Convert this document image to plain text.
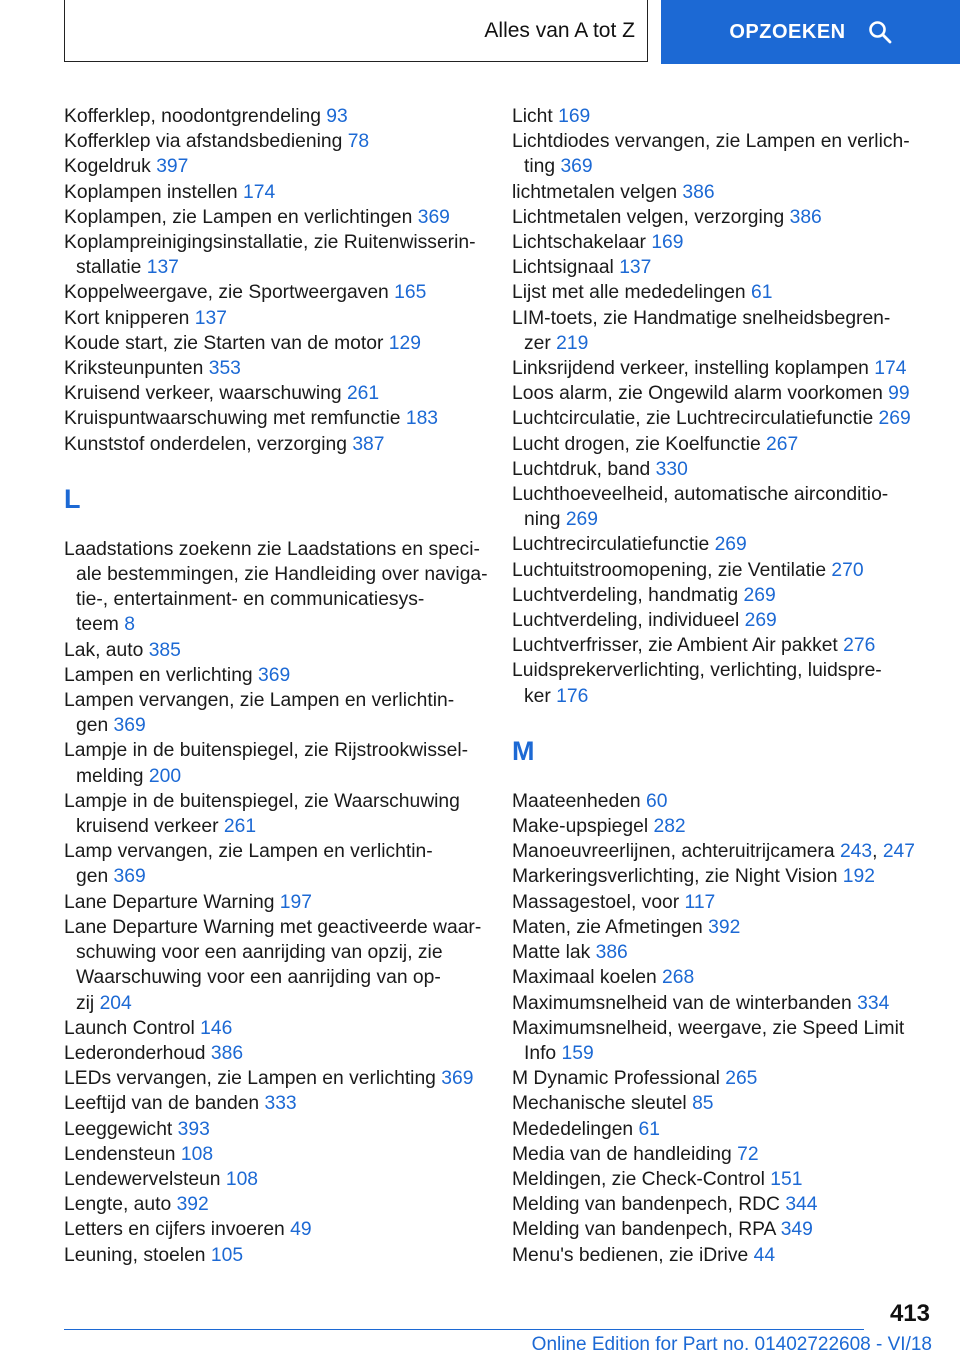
Alles van A tot Z	OPZOEKEN
Kofferklep, noodontgrendeling 93
Kofferklep via afstandsbediening 78
Kogeldruk 397
Koplampen instellen 174
Koplampen, zie Lampen en verlichtingen 369
Koplampreinigingsinstallatie, zie Ruitenwisserin-
stallatie 137
Koppelweergave, zie Sportweergaven 165
Kort knipperen 137
Koude start, zie Starten van de motor 129
Kriksteunpunten 353
Kruisend verkeer, waarschuwing 261
Kruispuntwaarschuwing met remfunctie 183
Kunststof onderdelen, verzorging 387
L
Laadstations zoekenn zie Laadstations en speci-
ale bestemmingen, zie Handleiding over naviga-
tie-, entertainment- en communicatiesys-
teem 8
Lak, auto 385
Lampen en verlichting 369
Lampen vervangen, zie Lampen en verlichtin-
gen 369
Lampje in de buitenspiegel, zie Rijstrookwissel-
melding 200
Lampje in de buitenspiegel, zie Waarschuwing
kruisend verkeer 261
Lamp vervangen, zie Lampen en verlichtin-
gen 369
Lane Departure Warning 197
Lane Departure Warning met geactiveerde waar-
schuwing voor een aanrijding van opzij, zie
Waarschuwing voor een aanrijding van op-
zij 204
Launch Control 146
Lederonderhoud 386
LEDs vervangen, zie Lampen en verlichting 369
Leeftijd van de banden 333
Leeggewicht 393
Lendensteun 108
Lendewervelsteun 108
Lengte, auto 392
Letters en cijfers invoeren 49
Leuning, stoelen 105
Licht 169
Lichtdiodes vervangen, zie Lampen en verlich-
ting 369
lichtmetalen velgen 386
Lichtmetalen velgen, verzorging 386
Lichtschakelaar 169
Lichtsignaal 137
Lijst met alle mededelingen 61
LIM-toets, zie Handmatige snelheidsbegren-
zer 219
Linksrijdend verkeer, instelling koplampen 174
Loos alarm, zie Ongewild alarm voorkomen 99
Luchtcirculatie, zie Luchtrecirculatiefunctie 269
Lucht drogen, zie Koelfunctie 267
Luchtdruk, band 330
Luchthoeveelheid, automatische airconditio-
ning 269
Luchtrecirculatiefunctie 269
Luchtuitstroomopening, zie Ventilatie 270
Luchtverdeling, handmatig 269
Luchtverdeling, individueel 269
Luchtverfrisser, zie Ambient Air pakket 276
Luidsprekerverlichting, verlichting, luidspre-
ker 176
M
Maateenheden 60
Make-upspiegel 282
Manoeuvreerlijnen, achteruitrijcamera 243, 247
Markeringsverlichting, zie Night Vision 192
Massagestoel, voor 117
Maten, zie Afmetingen 392
Matte lak 386
Maximaal koelen 268
Maximumsnelheid van de winterbanden 334
Maximumsnelheid, weergave, zie Speed Limit
Info 159
M Dynamic Professional 265
Mechanische sleutel 85
Mededelingen 61
Media van de handleiding 72
Meldingen, zie Check-Control 151
Melding van bandenpech, RDC 344
Melding van bandenpech, RPA 349
Menu's bedienen, zie iDrive 44
413
Online Edition for Part no. 01402722608 - VI/18
